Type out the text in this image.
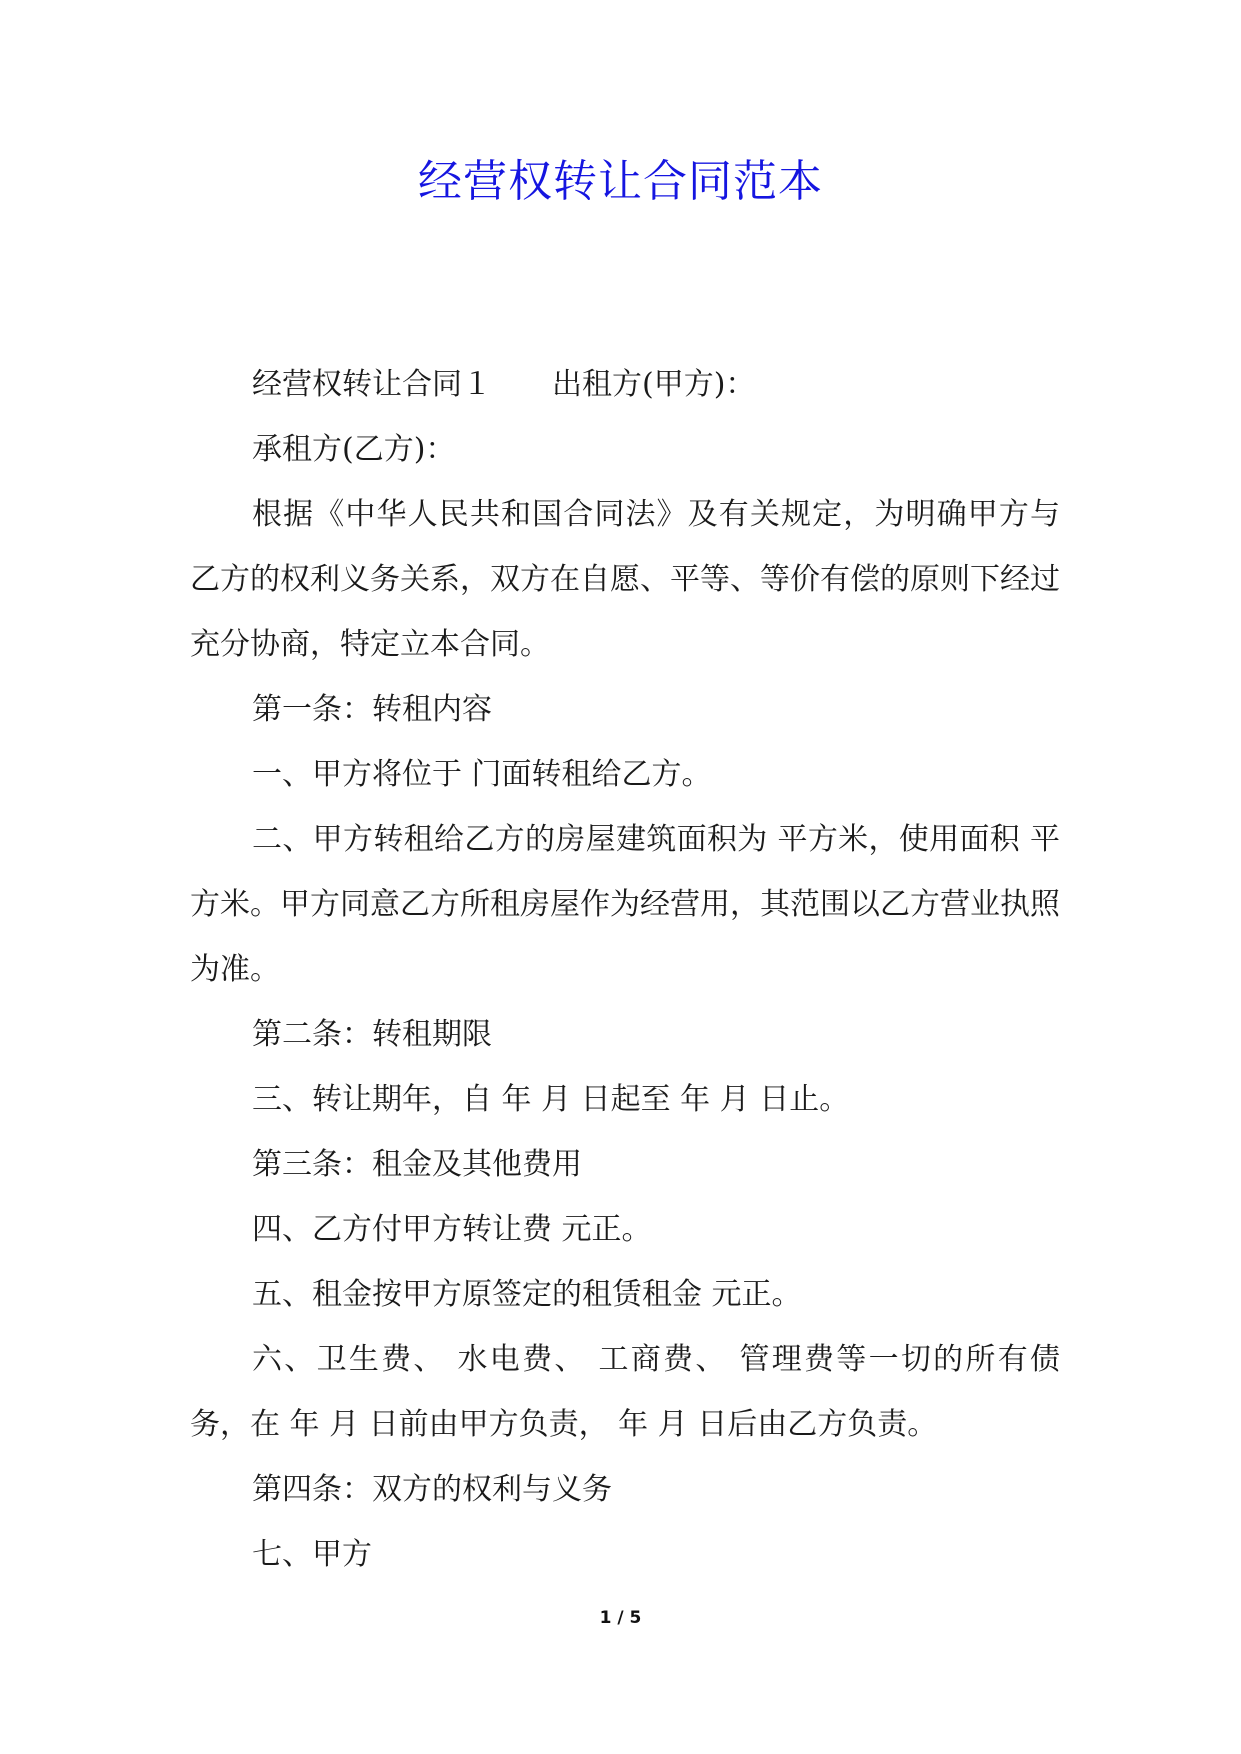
经营权转让合同范本

经营权转让合同１ 出租方(甲方)：

承租方(乙方)：

根据《中华人民共和国合同法》及有关规定，为明确甲方与乙方的权利义务关系，双方在自愿、平等、等价有偿的原则下经过充分协商，特定立本合同。

第一条：转租内容

一、甲方将位于 门面转租给乙方。

二、甲方转租给乙方的房屋建筑面积为 平方米，使用面积 平方米。甲方同意乙方所租房屋作为经营用，其范围以乙方营业执照为准。

第二条：转租期限

三、转让期年，自 年 月 日起至 年 月 日止。

第三条：租金及其他费用

四、乙方付甲方转让费 元正。

五、租金按甲方原签定的租赁租金 元正。

六、卫生费、 水电费、 工商费、 管理费等一切的所有债务，在 年 月 日前由甲方负责， 年 月 日后由乙方负责。

第四条：双方的权利与义务

七、甲方

1 / 5
